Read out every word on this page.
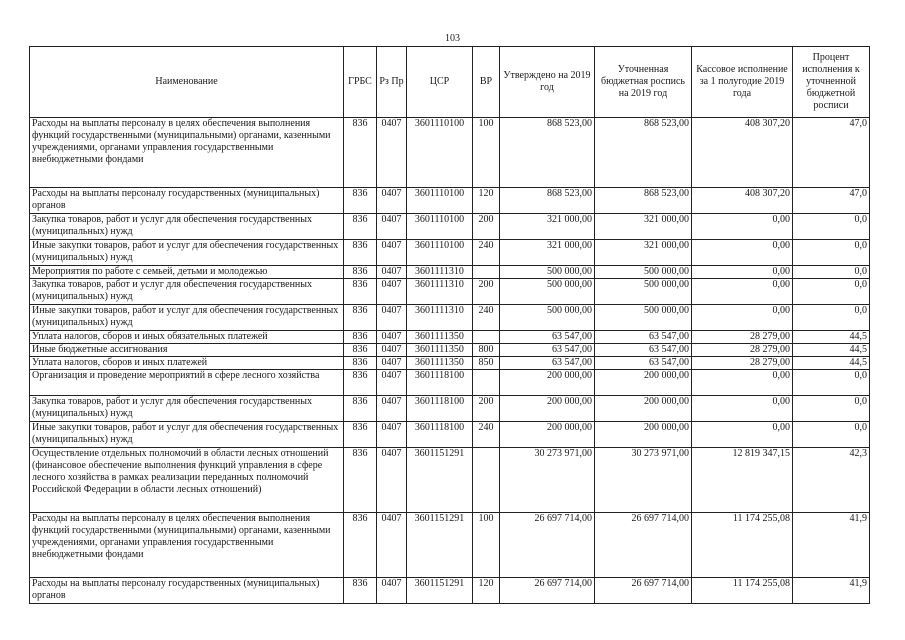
103
Наименование	ГРБС	Рз Пр	ЦСР	ВР	Утверждено на 2019 год	Уточненная бюджетная роспись на 2019 год	Кассовое исполнение за 1 полугодие 2019 года	Процент исполнения к уточненной бюджетной росписи
Расходы на выплаты персоналу в целях обеспечения выполнения функций государственными (муниципальными) органами, казенными учреждениями, органами управления государственными внебюджетными фондами	836	0407	3601110100	100	868 523,00	868 523,00	408 307,20	47,0
Расходы на выплаты персоналу государственных (муниципальных) органов	836	0407	3601110100	120	868 523,00	868 523,00	408 307,20	47,0
Закупка товаров, работ и услуг для обеспечения государственных (муниципальных) нужд	836	0407	3601110100	200	321 000,00	321 000,00	0,00	0,0
Иные закупки товаров, работ и услуг для обеспечения государственных (муниципальных) нужд	836	0407	3601110100	240	321 000,00	321 000,00	0,00	0,0
Мероприятия по работе с семьей, детьми и молодежью	836	0407	3601111310		500 000,00	500 000,00	0,00	0,0
Закупка товаров, работ и услуг для обеспечения государственных (муниципальных) нужд	836	0407	3601111310	200	500 000,00	500 000,00	0,00	0,0
Иные закупки товаров, работ и услуг для обеспечения государственных (муниципальных) нужд	836	0407	3601111310	240	500 000,00	500 000,00	0,00	0,0
Уплата налогов, сборов и иных обязательных платежей	836	0407	3601111350		63 547,00	63 547,00	28 279,00	44,5
Иные бюджетные ассигнования	836	0407	3601111350	800	63 547,00	63 547,00	28 279,00	44,5
Уплата налогов, сборов и иных платежей	836	0407	3601111350	850	63 547,00	63 547,00	28 279,00	44,5
Организация и проведение мероприятий в сфере лесного хозяйства	836	0407	3601118100		200 000,00	200 000,00	0,00	0,0
Закупка товаров, работ и услуг для обеспечения государственных (муниципальных) нужд	836	0407	3601118100	200	200 000,00	200 000,00	0,00	0,0
Иные закупки товаров, работ и услуг для обеспечения государственных (муниципальных) нужд	836	0407	3601118100	240	200 000,00	200 000,00	0,00	0,0
Осуществление отдельных полномочий в области лесных отношений (финансовое обеспечение выполнения функций управления в сфере лесного хозяйства в рамках реализации переданных полномочий Российской Федерации в области лесных отношений)	836	0407	3601151291		30 273 971,00	30 273 971,00	12 819 347,15	42,3
Расходы на выплаты персоналу в целях обеспечения выполнения функций государственными (муниципальными) органами, казенными учреждениями, органами управления государственными внебюджетными фондами	836	0407	3601151291	100	26 697 714,00	26 697 714,00	11 174 255,08	41,9
Расходы на выплаты персоналу государственных (муниципальных) органов	836	0407	3601151291	120	26 697 714,00	26 697 714,00	11 174 255,08	41,9
